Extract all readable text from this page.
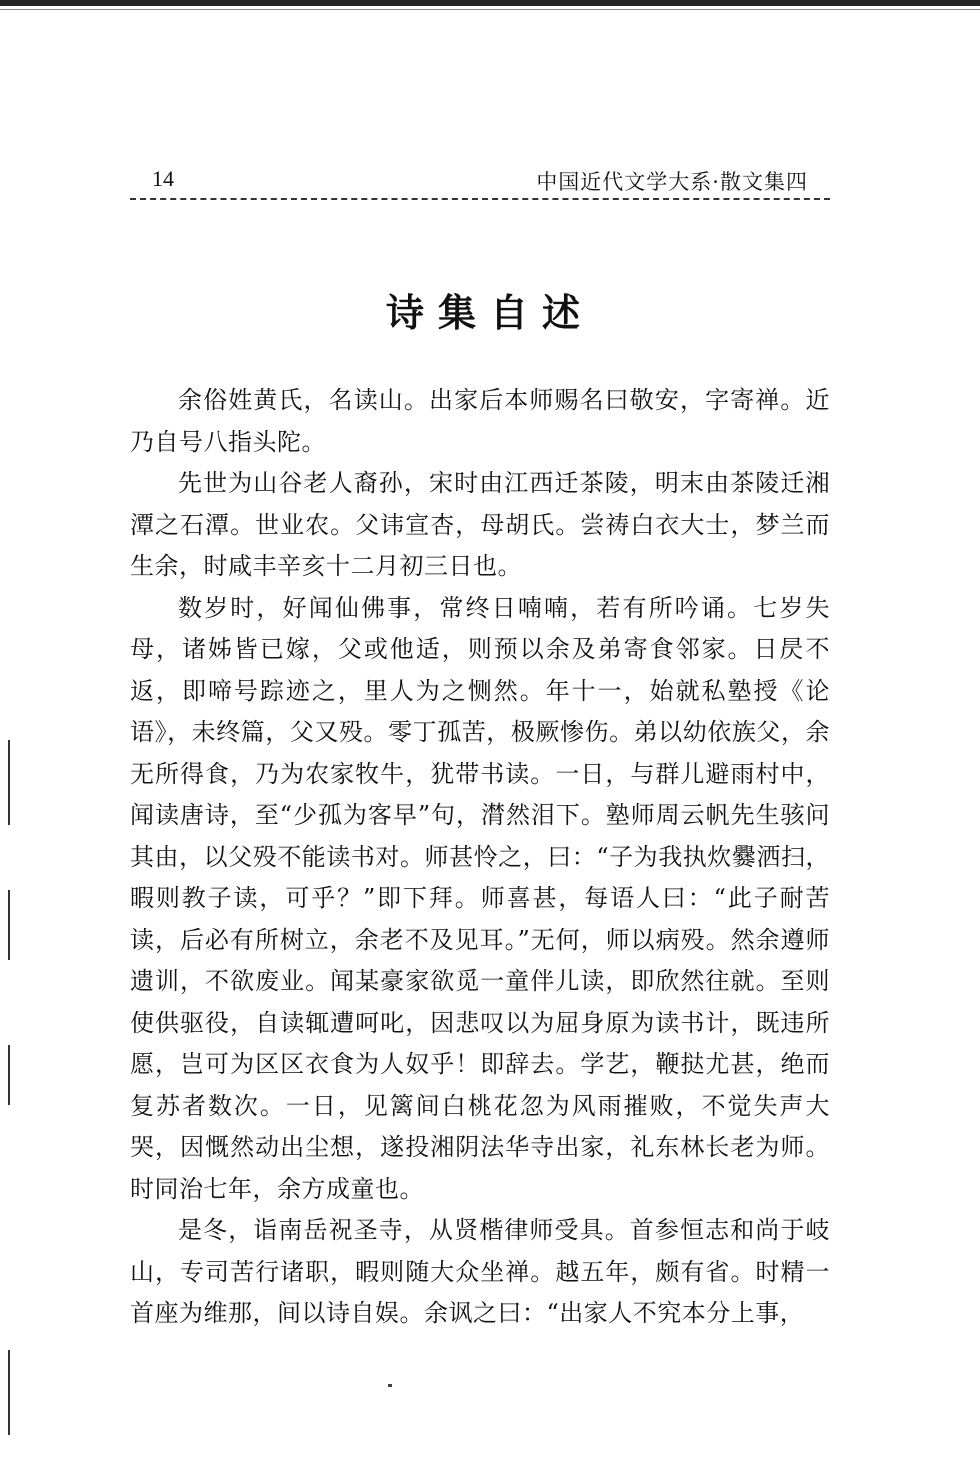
14	中国近代文学大系·散文集四
诗集自述

余俗姓黄氏，名读山。出家后本师赐名曰敬安，字寄禅。近乃自号八指头陀。

先世为山谷老人裔孙，宋时由江西迁茶陵，明末由茶陵迁湘潭之石潭。世业农。父讳宣杏，母胡氏。尝祷白衣大士，梦兰而生余，时咸丰辛亥十二月初三日也。

数岁时，好闻仙佛事，常终日喃喃，若有所吟诵。七岁失母，诸姊皆已嫁，父或他适，则预以余及弟寄食邻家。日昃不返，即啼号踪迹之，里人为之恻然。年十一，始就私塾授《论语》，未终篇，父又殁。零丁孤苦，极厥惨伤。弟以幼依族父，余无所得食，乃为农家牧牛，犹带书读。一日，与群儿避雨村中，闻读唐诗，至“少孤为客早”句，潸然泪下。塾师周云帆先生骇问其由，以父殁不能读书对。师甚怜之，曰：“子为我执炊爨洒扫，暇则教子读，可乎？”即下拜。师喜甚，每语人曰：“此子耐苦读，后必有所树立，余老不及见耳。”无何，师以病殁。然余遵师遗训，不欲废业。闻某豪家欲觅一童伴儿读，即欣然往就。至则使供驱役，自读辄遭呵叱，因悲叹以为屈身原为读书计，既违所愿，岂可为区区衣食为人奴乎！即辞去。学艺，鞭挞尤甚，绝而复苏者数次。一日，见篱间白桃花忽为风雨摧败，不觉失声大哭，因慨然动出尘想，遂投湘阴法华寺出家，礼东林长老为师。时同治七年，余方成童也。

是冬，诣南岳祝圣寺，从贤楷律师受具。首参恒志和尚于岐山，专司苦行诸职，暇则随大众坐禅。越五年，颇有省。时精一首座为维那，间以诗自娱。余讽之曰：“出家人不究本分上事，
